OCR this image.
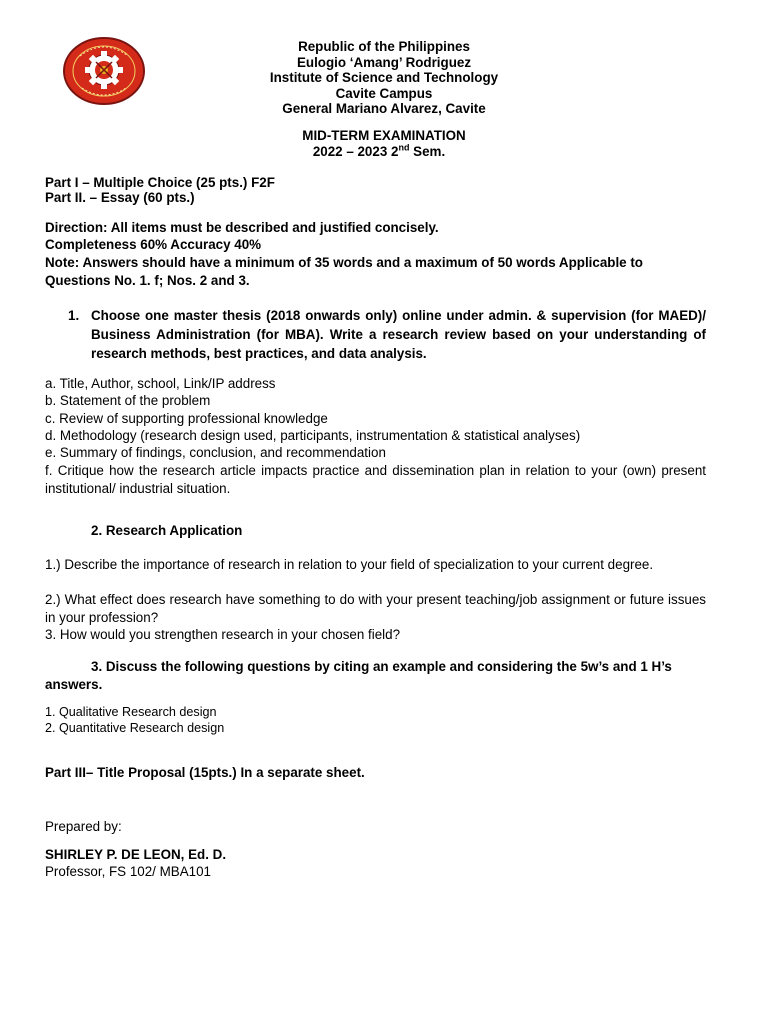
Republic of the Philippines
Eulogio ‘Amang’ Rodriguez
Institute of Science and Technology
Cavite Campus
General Mariano Alvarez, Cavite
MID-TERM EXAMINATION
2022 – 2023 2nd Sem.
Part I – Multiple Choice (25 pts.) F2F
Part II. – Essay (60 pts.)
Direction: All items must be described and justified concisely.
Completeness 60% Accuracy 40%
Note: Answers should have a minimum of 35 words and a maximum of 50 words Applicable to Questions No. 1. f; Nos. 2 and 3.
1. Choose one master thesis (2018 onwards only) online under admin. & supervision (for MAED)/ Business Administration (for MBA). Write a research review based on your understanding of research methods, best practices, and data analysis.
a. Title, Author, school, Link/IP address
b. Statement of the problem
c. Review of supporting professional knowledge
d. Methodology (research design used, participants, instrumentation & statistical analyses)
e. Summary of findings, conclusion, and recommendation
f. Critique how the research article impacts practice and dissemination plan in relation to your (own) present institutional/ industrial situation.
2. Research Application
1.) Describe the importance of research in relation to your field of specialization to your current degree.
2.) What effect does research have something to do with your present teaching/job assignment or future issues in your profession?
3. How would you strengthen research in your chosen field?
3. Discuss the following questions by citing an example and considering the 5w’s and 1 H’s answers.
1. Qualitative Research design
2. Quantitative Research design
Part III– Title Proposal (15pts.) In a separate sheet.
Prepared by:
SHIRLEY P. DE LEON, Ed. D.
Professor, FS 102/ MBA101
